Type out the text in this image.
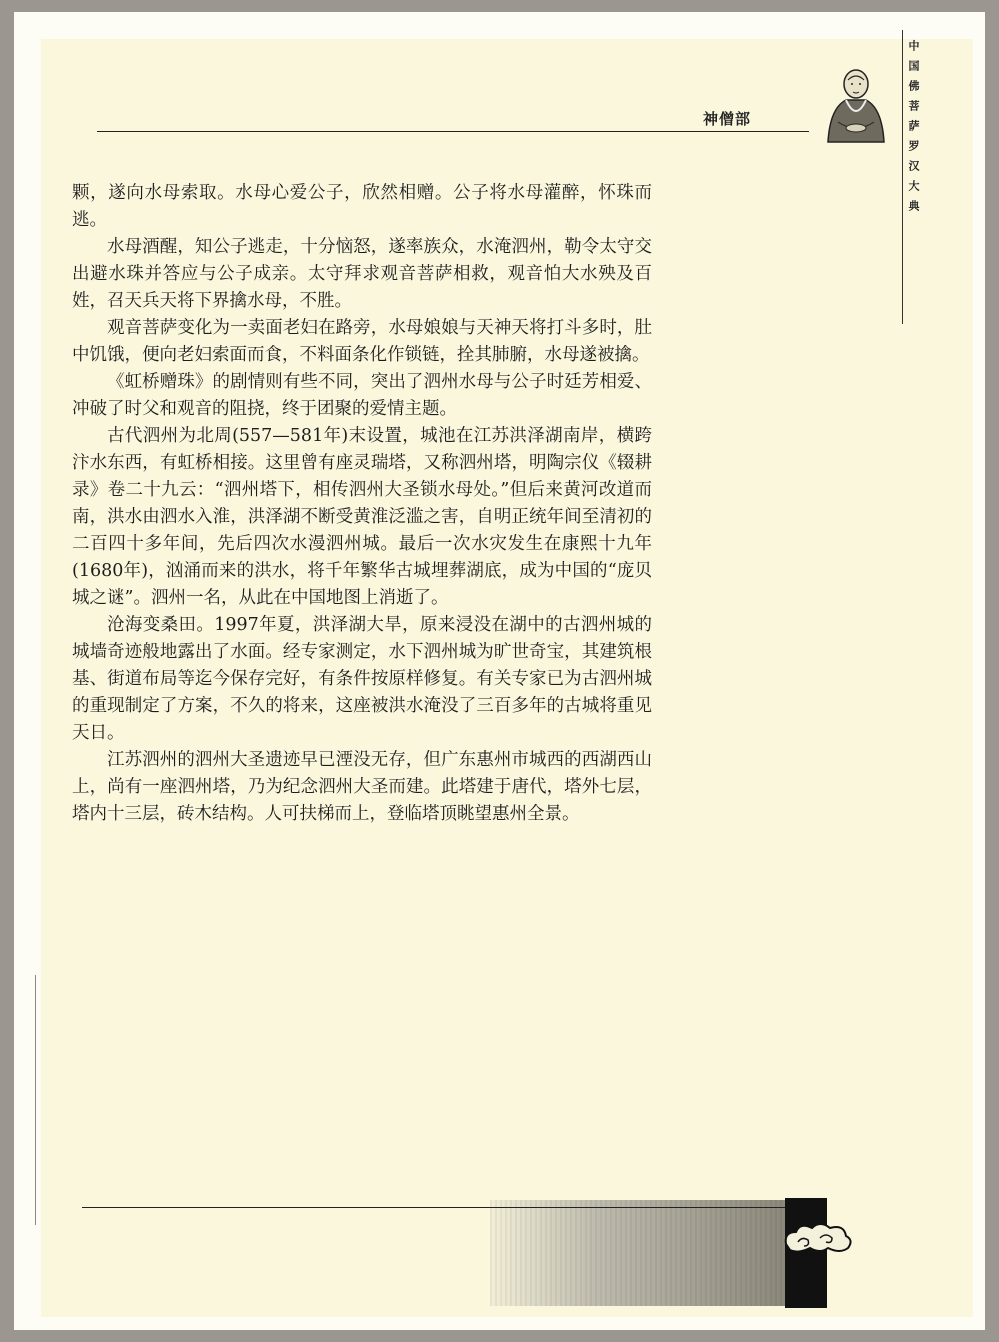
神僧部	中国佛菩萨罗汉大典

颗，遂向水母索取。水母心爱公子，欣然相赠。公子将水母灌醉，怀珠而逃。

水母酒醒，知公子逃走，十分恼怒，遂率族众，水淹泗州，勒令太守交出避水珠并答应与公子成亲。太守拜求观音菩萨相救，观音怕大水殃及百姓，召天兵天将下界擒水母，不胜。

观音菩萨变化为一卖面老妇在路旁，水母娘娘与天神天将打斗多时，肚中饥饿，便向老妇索面而食，不料面条化作锁链，拴其肺腑，水母遂被擒。

《虹桥赠珠》的剧情则有些不同，突出了泗州水母与公子时廷芳相爱、冲破了时父和观音的阻挠，终于团聚的爱情主题。

古代泗州为北周(557—581年)末设置，城池在江苏洪泽湖南岸，横跨汴水东西，有虹桥相接。这里曾有座灵瑞塔，又称泗州塔，明陶宗仪《辍耕录》卷二十九云：“泗州塔下，相传泗州大圣锁水母处。”但后来黄河改道而南，洪水由泗水入淮，洪泽湖不断受黄淮泛滥之害，自明正统年间至清初的二百四十多年间，先后四次水漫泗州城。最后一次水灾发生在康熙十九年(1680年)，汹涌而来的洪水，将千年繁华古城埋葬湖底，成为中国的“庞贝城之谜”。泗州一名，从此在中国地图上消逝了。

沧海变桑田。1997年夏，洪泽湖大旱，原来浸没在湖中的古泗州城的城墙奇迹般地露出了水面。经专家测定，水下泗州城为旷世奇宝，其建筑根基、街道布局等迄今保存完好，有条件按原样修复。有关专家已为古泗州城的重现制定了方案，不久的将来，这座被洪水淹没了三百多年的古城将重见天日。

江苏泗州的泗州大圣遗迹早已湮没无存，但广东惠州市城西的西湖西山上，尚有一座泗州塔，乃为纪念泗州大圣而建。此塔建于唐代，塔外七层，塔内十三层，砖木结构。人可扶梯而上，登临塔顶眺望惠州全景。
